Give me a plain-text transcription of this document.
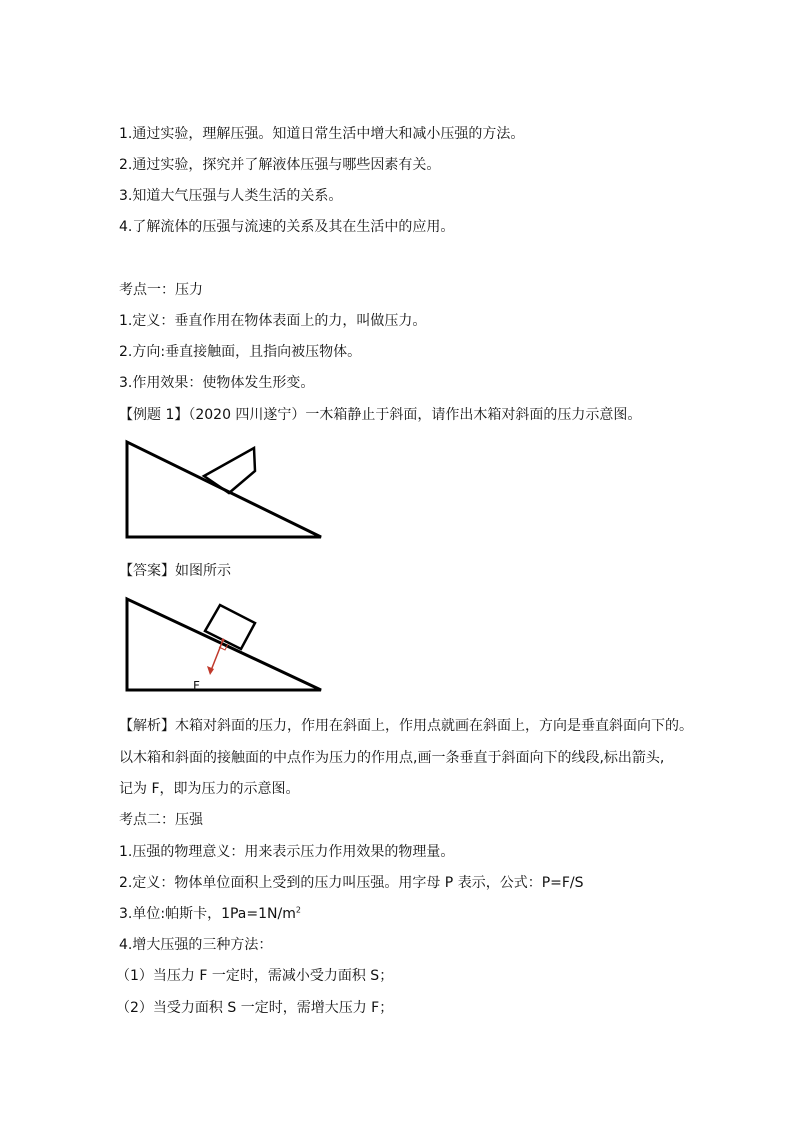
1.通过实验，理解压强。知道日常生活中增大和减小压强的方法。
2.通过实验，探究并了解液体压强与哪些因素有关。
3.知道大气压强与人类生活的关系。
4.了解流体的压强与流速的关系及其在生活中的应用。
考点一：压力
1.定义：垂直作用在物体表面上的力，叫做压力。
2.方向:垂直接触面，且指向被压物体。
3.作用效果：使物体发生形变。
【例题 1】（2020 四川遂宁）一木箱静止于斜面，请作出木箱对斜面的压力示意图。
【答案】如图所示
F
【解析】木箱对斜面的压力，作用在斜面上，作用点就画在斜面上，方向是垂直斜面向下的。
以木箱和斜面的接触面的中点作为压力的作用点,画一条垂直于斜面向下的线段,标出箭头,
记为 F，即为压力的示意图。
考点二：压强
1.压强的物理意义：用来表示压力作用效果的物理量。
2.定义：物体单位面积上受到的压力叫压强。用字母 P 表示，公式：P=F/S
3.单位:帕斯卡，$1Pa=1N/m^2$
4.增大压强的三种方法：
（1）当压力 F 一定时，需减小受力面积 S；
（2）当受力面积 S 一定时，需增大压力 F；
